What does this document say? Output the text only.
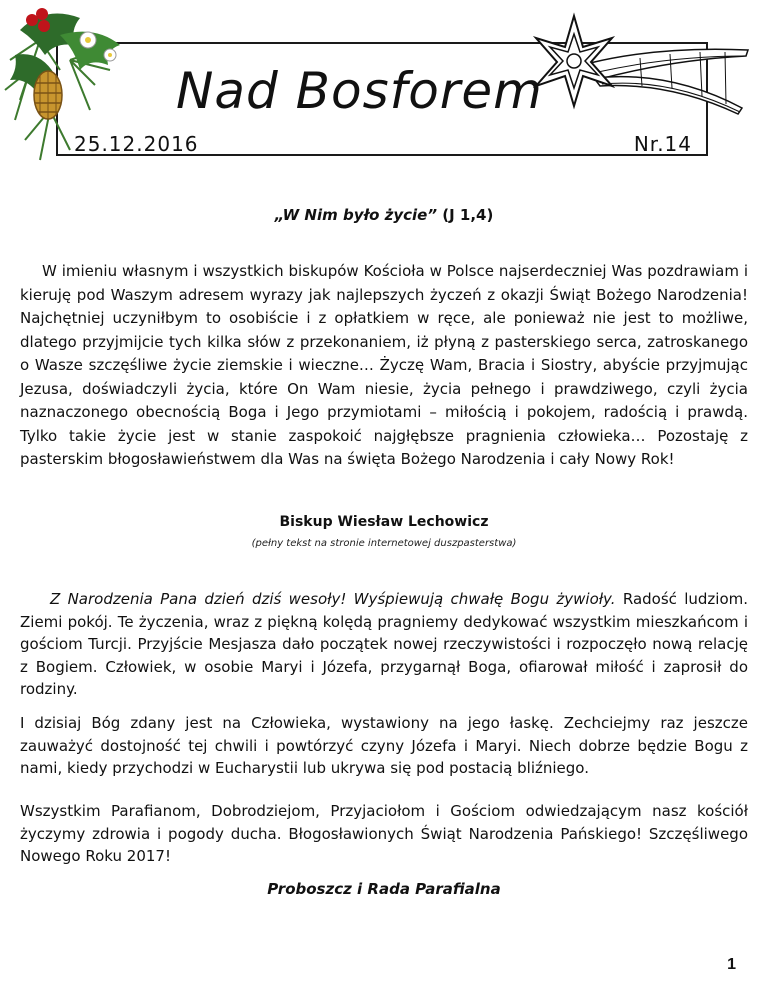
Nad Bosforem
25.12.2016	Nr.14
„W Nim było życie” (J 1,4)

W imieniu własnym i wszystkich biskupów Kościoła w Polsce najserdeczniej Was pozdrawiam i kieruję pod Waszym adresem wyrazy jak najlepszych życzeń z okazji Świąt Bożego Narodzenia! Najchętniej uczyniłbym to osobiście i z opłatkiem w ręce, ale ponieważ nie jest to możliwe, dlatego przyjmijcie tych kilka słów z przekonaniem, iż płyną z pasterskiego serca, zatroskanego o Wasze szczęśliwe życie ziemskie i wieczne… Życzę Wam, Bracia i Siostry, abyście przyjmując Jezusa, doświadczyli życia, które On Wam niesie, życia pełnego i prawdziwego, czyli życia naznaczonego obecnością Boga i Jego przymiotami – miłością i pokojem, radością i prawdą. Tylko takie życie jest w stanie zaspokoić najgłębsze pragnienia człowieka… Pozostaję z pasterskim błogosławieństwem dla Was na święta Bożego Narodzenia i cały Nowy Rok!

Biskup Wiesław Lechowicz
(pełny tekst na stronie internetowej duszpasterstwa)

Z Narodzenia Pana dzień dziś wesoły! Wyśpiewują chwałę Bogu żywioły. Radość ludziom. Ziemi pokój. Te życzenia, wraz z piękną kolędą pragniemy dedykować wszystkim mieszkańcom i gościom Turcji. Przyjście Mesjasza dało początek nowej rzeczywistości i rozpoczęło nową relację z Bogiem. Człowiek, w osobie Maryi i Józefa, przygarnął Boga, ofiarował miłość i zaprosił do rodziny.

I dzisiaj Bóg zdany jest na Człowieka, wystawiony na jego łaskę. Zechciejmy raz jeszcze zauważyć dostojność tej chwili i powtórzyć czyny Józefa i Maryi. Niech dobrze będzie Bogu z nami, kiedy przychodzi w Eucharystii lub ukrywa się pod postacią bliźniego.

Wszystkim Parafianom, Dobrodziejom, Przyjaciołom i Gościom odwiedzającym nasz kościół życzymy zdrowia i pogody ducha. Błogosławionych Świąt Narodzenia Pańskiego! Szczęśliwego Nowego Roku 2017!

Proboszcz i Rada Parafialna
1
